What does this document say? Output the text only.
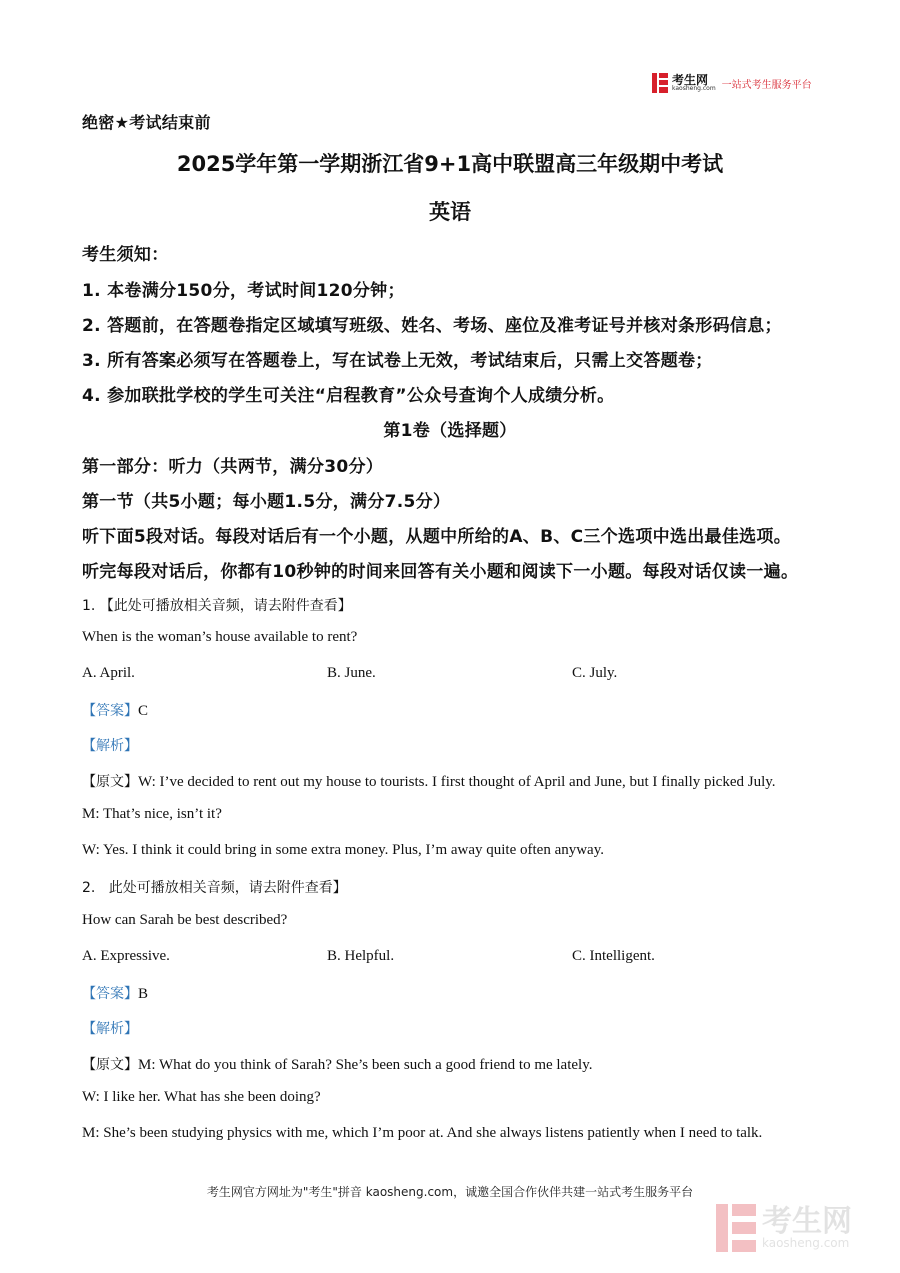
考生网
kaosheng.com 一站式考生服务平台
绝密★考试结束前
2025学年第一学期浙江省9+1高中联盟高三年级期中考试
英语
考生须知：
1. 本卷满分150分，考试时间120分钟；
2. 答题前，在答题卷指定区域填写班级、姓名、考场、座位及准考证号并核对条形码信息；
3. 所有答案必须写在答题卷上，写在试卷上无效，考试结束后，只需上交答题卷；
4. 参加联批学校的学生可关注“启程教育”公众号查询个人成绩分析。
第1卷（选择题）
第一部分：听力（共两节，满分30分）
第一节（共5小题；每小题1.5分，满分7.5分）
听下面5段对话。每段对话后有一个小题，从题中所给的A、B、C三个选项中选出最佳选项。
听完每段对话后，你都有10秒钟的时间来回答有关小题和阅读下一小题。每段对话仅读一遍。
1. 【此处可播放相关音频，请去附件查看】
When is the woman’s house available to rent?
A. April.	B. June.	C. July.
【答案】C
【解析】
【原文】W: I’ve decided to rent out my house to tourists. I first thought of April and June, but I finally picked July.
M: That’s nice, isn’t it?
W: Yes. I think it could bring in some extra money. Plus, I’m away quite often anyway.
2.   此处可播放相关音频，请去附件查看】
How can Sarah be best described?
A. Expressive.	B. Helpful.	C. Intelligent.
【答案】B
【解析】
【原文】M: What do you think of Sarah? She’s been such a good friend to me lately.
W: I like her. What has she been doing?
M: She’s been studying physics with me, which I’m poor at. And she always listens patiently when I need to talk.
考生网官方网址为"考生"拼音 kaosheng.com，诚邀全国合作伙伴共建一站式考生服务平台
考生网
kaosheng.com
